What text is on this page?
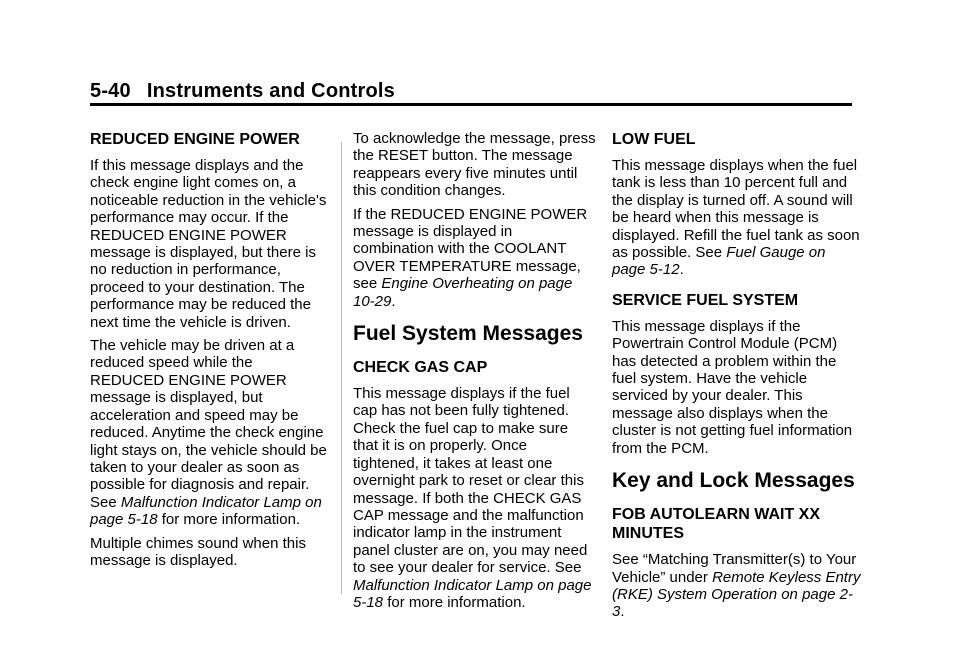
5-40 Instruments and Controls
REDUCED ENGINE POWER

If this message displays and the check engine light comes on, a noticeable reduction in the vehicle's performance may occur. If the REDUCED ENGINE POWER message is displayed, but there is no reduction in performance, proceed to your destination. The performance may be reduced the next time the vehicle is driven.

The vehicle may be driven at a reduced speed while the REDUCED ENGINE POWER message is displayed, but acceleration and speed may be reduced. Anytime the check engine light stays on, the vehicle should be taken to your dealer as soon as possible for diagnosis and repair. See Malfunction Indicator Lamp on page 5-18 for more information.

Multiple chimes sound when this message is displayed.

To acknowledge the message, press the RESET button. The message reappears every five minutes until this condition changes.

If the REDUCED ENGINE POWER message is displayed in combination with the COOLANT OVER TEMPERATURE message, see Engine Overheating on page 10-29.

Fuel System Messages
CHECK GAS CAP

This message displays if the fuel cap has not been fully tightened. Check the fuel cap to make sure that it is on properly. Once tightened, it takes at least one overnight park to reset or clear this message. If both the CHECK GAS CAP message and the malfunction indicator lamp in the instrument panel cluster are on, you may need to see your dealer for service. See Malfunction Indicator Lamp on page 5-18 for more information.

LOW FUEL

This message displays when the fuel tank is less than 10 percent full and the display is turned off. A sound will be heard when this message is displayed. Refill the fuel tank as soon as possible. See Fuel Gauge on page 5-12.

SERVICE FUEL SYSTEM

This message displays if the Powertrain Control Module (PCM) has detected a problem within the fuel system. Have the vehicle serviced by your dealer. This message also displays when the cluster is not getting fuel information from the PCM.

Key and Lock Messages
FOB AUTOLEARN WAIT XX MINUTES

See “Matching Transmitter(s) to Your Vehicle” under Remote Keyless Entry (RKE) System Operation on page 2-3.
